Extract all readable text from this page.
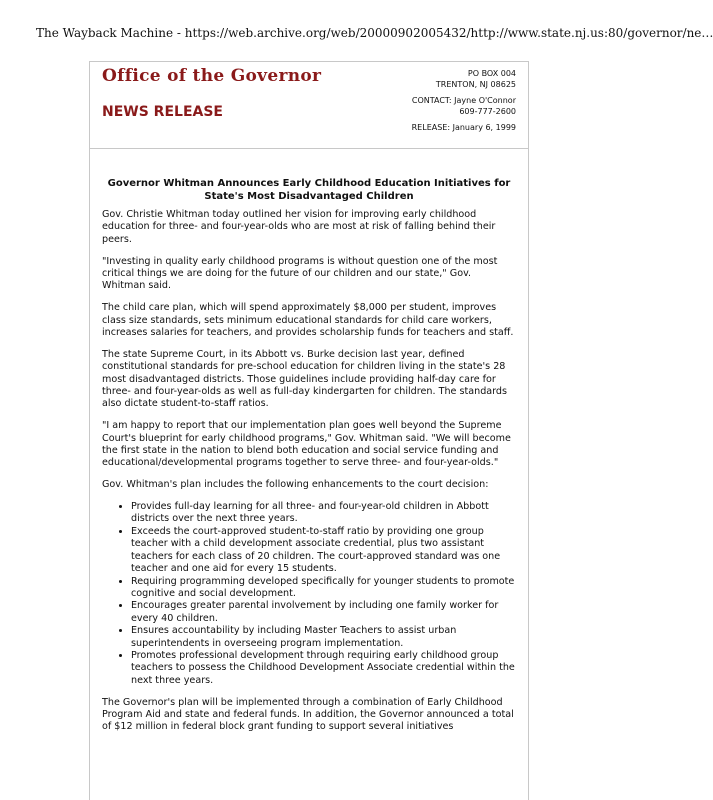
The Wayback Machine - https://web.archive.org/web/20000902005432/http://www.state.nj.us:80/governor/ne…
Office of the Governor
NEWS RELEASE
PO BOX 004
TRENTON, NJ 08625
CONTACT: Jayne O'Connor
609-777-2600
RELEASE: January 6, 1999
Governor Whitman Announces Early Childhood Education Initiatives for
State's Most Disadvantaged Children

Gov. Christie Whitman today outlined her vision for improving early childhood education for three- and four-year-olds who are most at risk of falling behind their peers.

"Investing in quality early childhood programs is without question one of the most critical things we are doing for the future of our children and our state," Gov. Whitman said.

The child care plan, which will spend approximately $8,000 per student, improves class size standards, sets minimum educational standards for child care workers, increases salaries for teachers, and provides scholarship funds for teachers and staff.

The state Supreme Court, in its Abbott vs. Burke decision last year, defined constitutional standards for pre-school education for children living in the state's 28 most disadvantaged districts. Those guidelines include providing half-day care for three- and four-year-olds as well as full-day kindergarten for children. The standards also dictate student-to-staff ratios.

"I am happy to report that our implementation plan goes well beyond the Supreme Court's blueprint for early childhood programs," Gov. Whitman said. "We will become the first state in the nation to blend both education and social service funding and educational/developmental programs together to serve three- and four-year-olds."

Gov. Whitman's plan includes the following enhancements to the court decision:

• Provides full-day learning for all three- and four-year-old children in Abbott districts over the next three years.
• Exceeds the court-approved student-to-staff ratio by providing one group teacher with a child development associate credential, plus two assistant teachers for each class of 20 children. The court-approved standard was one teacher and one aid for every 15 students.
• Requiring programming developed specifically for younger students to promote cognitive and social development.
• Encourages greater parental involvement by including one family worker for every 40 children.
• Ensures accountability by including Master Teachers to assist urban superintendents in overseeing program implementation.
• Promotes professional development through requiring early childhood group teachers to possess the Childhood Development Associate credential within the next three years.

The Governor's plan will be implemented through a combination of Early Childhood Program Aid and state and federal funds. In addition, the Governor announced a total of $12 million in federal block grant funding to support several initiatives
